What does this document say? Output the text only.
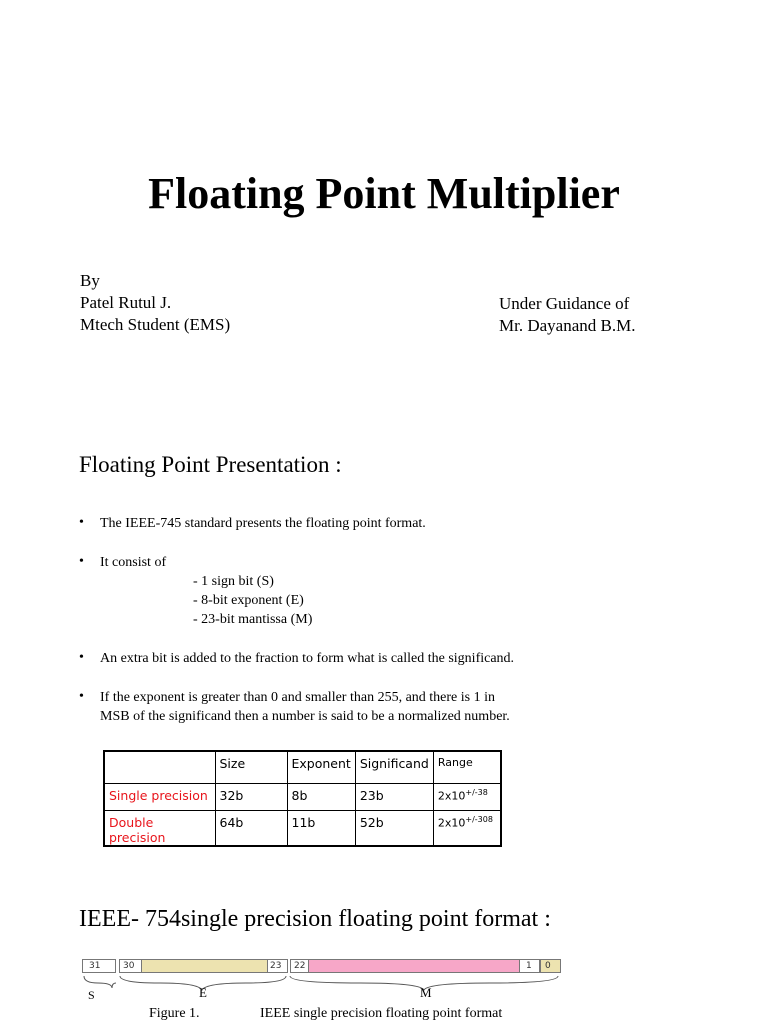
Floating Point Multiplier
By
Patel Rutul J.
Mtech Student (EMS)
Under Guidance of
Mr. Dayanand B.M.
Floating Point Presentation :
• The IEEE-745 standard presents the floating point format.
• It consist of
- 1 sign bit (S)
- 8-bit exponent (E)
- 23-bit mantissa (M)
• An extra bit is added to the fraction to form what is called the significand.
• If the exponent is greater than 0 and smaller than 255, and there is 1 in
MSB of the significand then a number is said to be a normalized number.
	Size	Exponent	Significand	Range
Single precision	32b	8b	23b	$2x10^{+/-38}$
Double precision	64b	11b	52b	$2x10^{+/-308}$
IEEE- 754single precision floating point format :
31	30	23	22	1	0
S	E	M
Figure 1.	IEEE single precision floating point format
